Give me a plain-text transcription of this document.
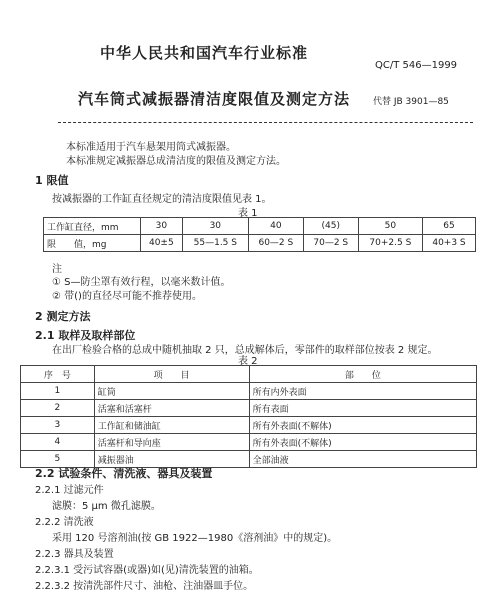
中华人民共和国汽车行业标准
QC/T 546—1999
汽车筒式减振器清洁度限值及测定方法	代替 JB 3901—85
本标准适用于汽车悬架用筒式减振器。
本标准规定减振器总成清洁度的限值及测定方法。
1 限值
按减振器的工作缸直径规定的清洁度限值见表 1。
表 1
工作缸直径，mm	30	30	40	(45)	50	65
限　　值，mg	40±5	55—1.5 S	60—2 S	70—2 S	70+2.5 S	40+3 S
注
① S—防尘罩有效行程，以毫米数计值。
② 带()的直径尽可能不推荐使用。
2 测定方法
2.1 取样及取样部位
在出厂检验合格的总成中随机抽取 2 只，总成解体后，零部件的取样部位按表 2 规定。
表 2
序　号	项　　目	部　　位
1	缸筒	所有内外表面
2	活塞和活塞杆	所有表面
3	工作缸和储油缸	所有外表面(不解体)
4	活塞杆和导向座	所有外表面(不解体)
5	减振器油	全部油液
2.2 试验条件、清洗液、器具及装置
2.2.1 过滤元件
滤膜：5 μm 微孔滤膜。
2.2.2 清洗液
采用 120 号溶剂油(按 GB 1922—1980《溶剂油》中的规定)。
2.2.3 器具及装置
2.2.3.1 受污试容器(或器)如(见)清洗装置的油箱。
2.2.3.2 按清洗部件尺寸、油枪、注油器皿手位。
